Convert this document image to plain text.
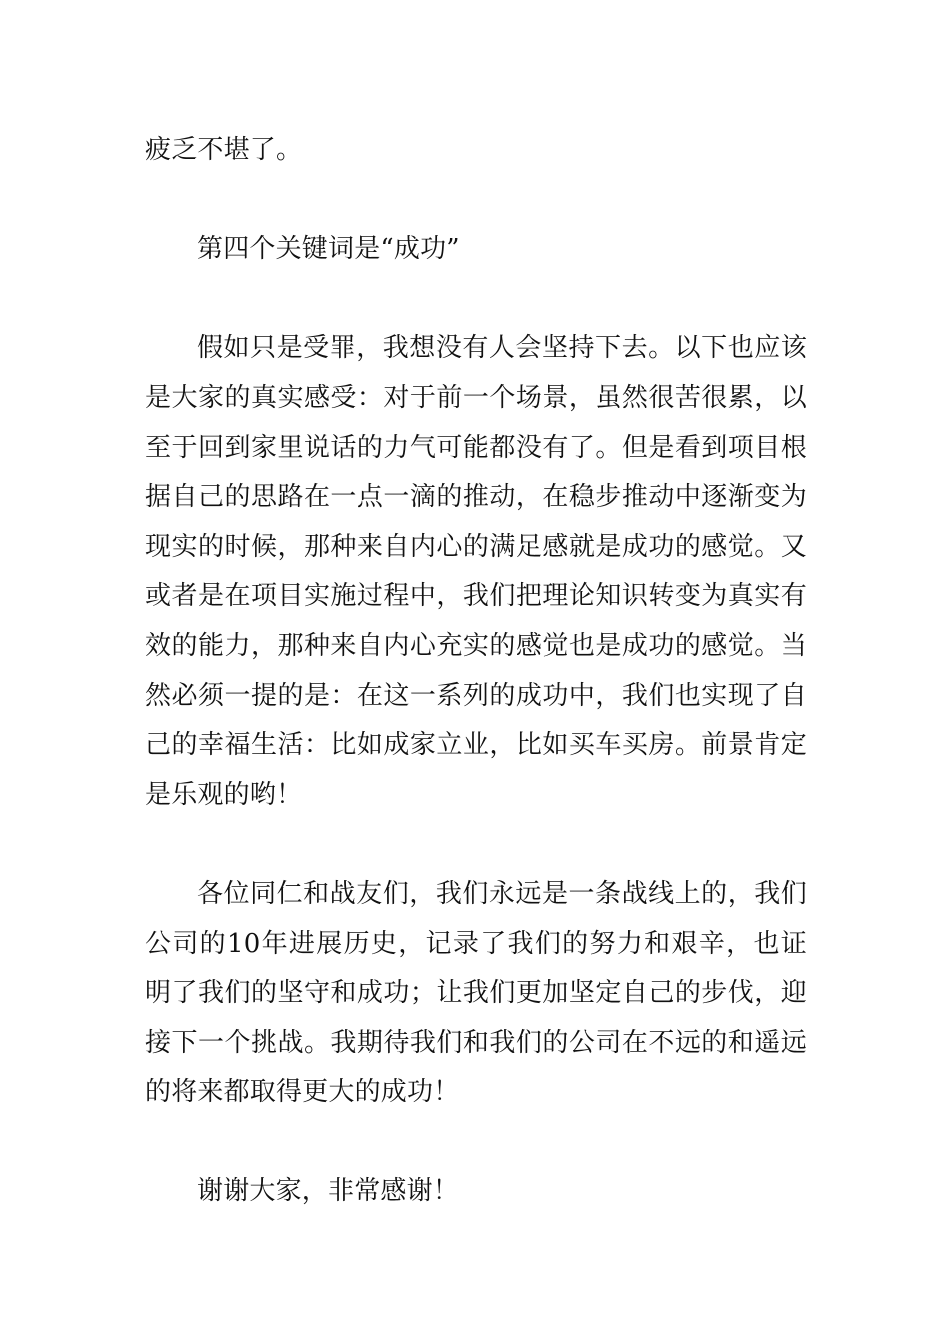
疲乏不堪了。

第四个关键词是“成功”

假如只是受罪，我想没有人会坚持下去。以下也应该是大家的真实感受：对于前一个场景，虽然很苦很累，以至于回到家里说话的力气可能都没有了。但是看到项目根据自己的思路在一点一滴的推动，在稳步推动中逐渐变为现实的时候，那种来自内心的满足感就是成功的感觉。又或者是在项目实施过程中，我们把理论知识转变为真实有效的能力，那种来自内心充实的感觉也是成功的感觉。当然必须一提的是：在这一系列的成功中，我们也实现了自己的幸福生活：比如成家立业，比如买车买房。前景肯定是乐观的哟！

各位同仁和战友们，我们永远是一条战线上的，我们公司的10年进展历史，记录了我们的努力和艰辛，也证明了我们的坚守和成功；让我们更加坚定自己的步伐，迎接下一个挑战。我期待我们和我们的公司在不远的和遥远的将来都取得更大的成功！

谢谢大家，非常感谢！
